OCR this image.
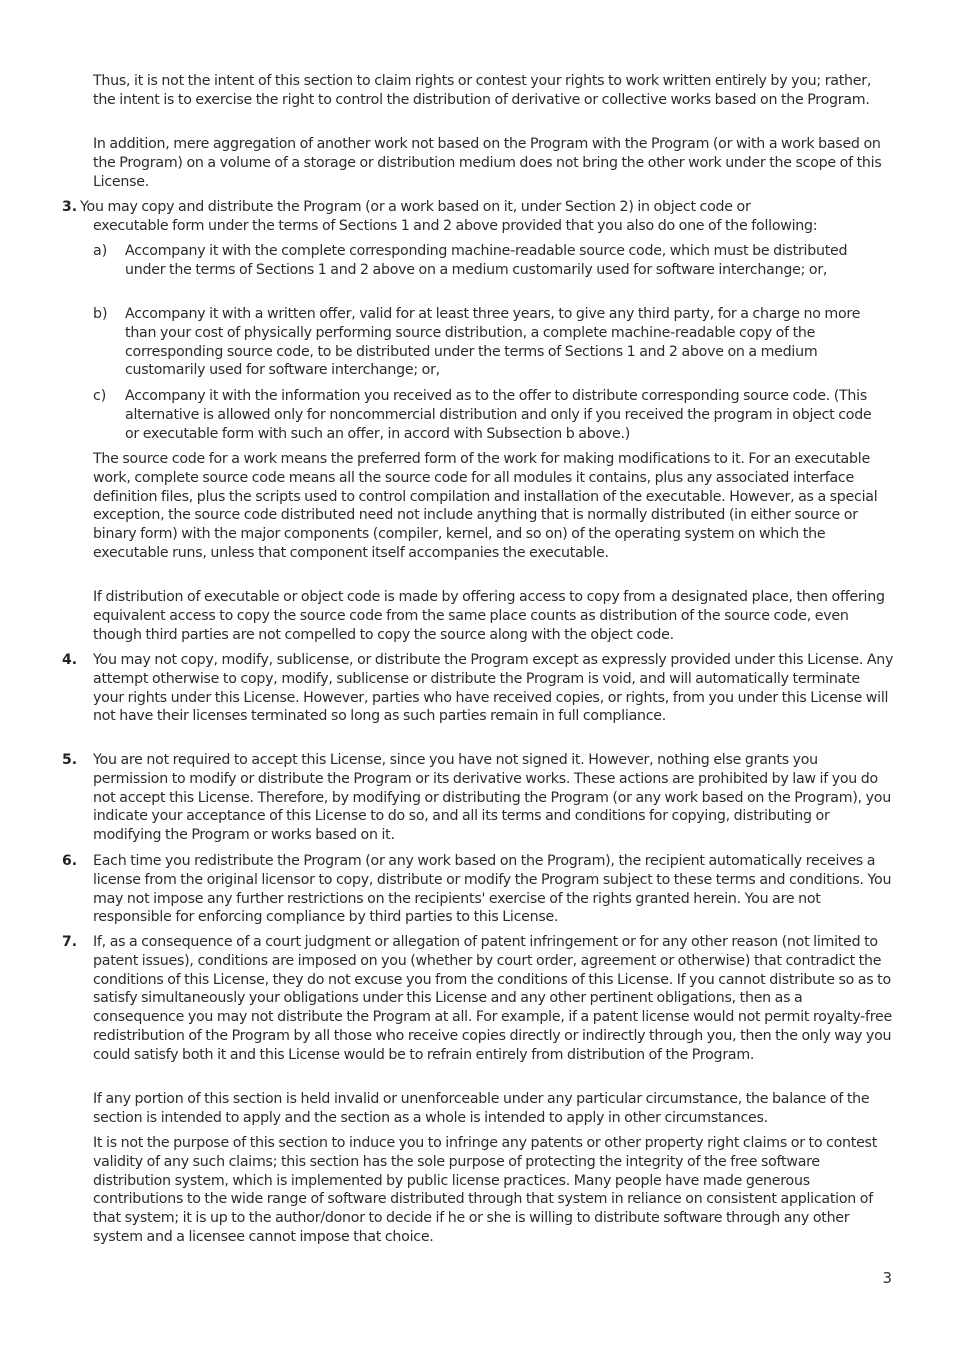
Thus, it is not the intent of this section to claim rights or contest your rights to work written entirely by you; rather, the intent is to exercise the right to control the distribution of derivative or collective works based on the Program.

In addition, mere aggregation of another work not based on the Program with the Program (or with a work based on the Program) on a volume of a storage or distribution medium does not bring the other work under the scope of this License.

3. You may copy and distribute the Program (or a work based on it, under Section 2) in object code or

executable form under the terms of Sections 1 and 2 above provided that you also do one of the following:

a) Accompany it with the complete corresponding machine-readable source code, which must be distributed under the terms of Sections 1 and 2 above on a medium customarily used for software interchange; or,

b) Accompany it with a written offer, valid for at least three years, to give any third party, for a charge no more than your cost of physically performing source distribution, a complete machine-readable copy of the corresponding source code, to be distributed under the terms of Sections 1 and 2 above on a medium customarily used for software interchange; or,

c) Accompany it with the information you received as to the offer to distribute corresponding source code. (This alternative is allowed only for noncommercial distribution and only if you received the program in object code or executable form with such an offer, in accord with Subsection b above.)

The source code for a work means the preferred form of the work for making modifications to it. For an executable work, complete source code means all the source code for all modules it contains, plus any associated interface definition files, plus the scripts used to control compilation and installation of the executable. However, as a special exception, the source code distributed need not include anything that is normally distributed (in either source or binary form) with the major components (compiler, kernel, and so on) of the operating system on which the executable runs, unless that component itself accompanies the executable.

If distribution of executable or object code is made by offering access to copy from a designated place, then offering equivalent access to copy the source code from the same place counts as distribution of the source code, even though third parties are not compelled to copy the source along with the object code.

4. You may not copy, modify, sublicense, or distribute the Program except as expressly provided under this License. Any attempt otherwise to copy, modify, sublicense or distribute the Program is void, and will automatically terminate your rights under this License. However, parties who have received copies, or rights, from you under this License will not have their licenses terminated so long as such parties remain in full compliance.

5. You are not required to accept this License, since you have not signed it. However, nothing else grants you permission to modify or distribute the Program or its derivative works. These actions are prohibited by law if you do not accept this License. Therefore, by modifying or distributing the Program (or any work based on the Program), you indicate your acceptance of this License to do so, and all its terms and conditions for copying, distributing or modifying the Program or works based on it.

6. Each time you redistribute the Program (or any work based on the Program), the recipient automatically receives a license from the original licensor to copy, distribute or modify the Program subject to these terms and conditions. You may not impose any further restrictions on the recipients' exercise of the rights granted herein. You are not responsible for enforcing compliance by third parties to this License.

7. If, as a consequence of a court judgment or allegation of patent infringement or for any other reason (not limited to patent issues), conditions are imposed on you (whether by court order, agreement or otherwise) that contradict the conditions of this License, they do not excuse you from the conditions of this License. If you cannot distribute so as to satisfy simultaneously your obligations under this License and any other pertinent obligations, then as a consequence you may not distribute the Program at all. For example, if a patent license would not permit royalty-free redistribution of the Program by all those who receive copies directly or indirectly through you, then the only way you could satisfy both it and this License would be to refrain entirely from distribution of the Program.

If any portion of this section is held invalid or unenforceable under any particular circumstance, the balance of the section is intended to apply and the section as a whole is intended to apply in other circumstances.

It is not the purpose of this section to induce you to infringe any patents or other property right claims or to contest validity of any such claims; this section has the sole purpose of protecting the integrity of the free software distribution system, which is implemented by public license practices. Many people have made generous contributions to the wide range of software distributed through that system in reliance on consistent application of that system; it is up to the author/donor to decide if he or she is willing to distribute software through any other system and a licensee cannot impose that choice.

3
